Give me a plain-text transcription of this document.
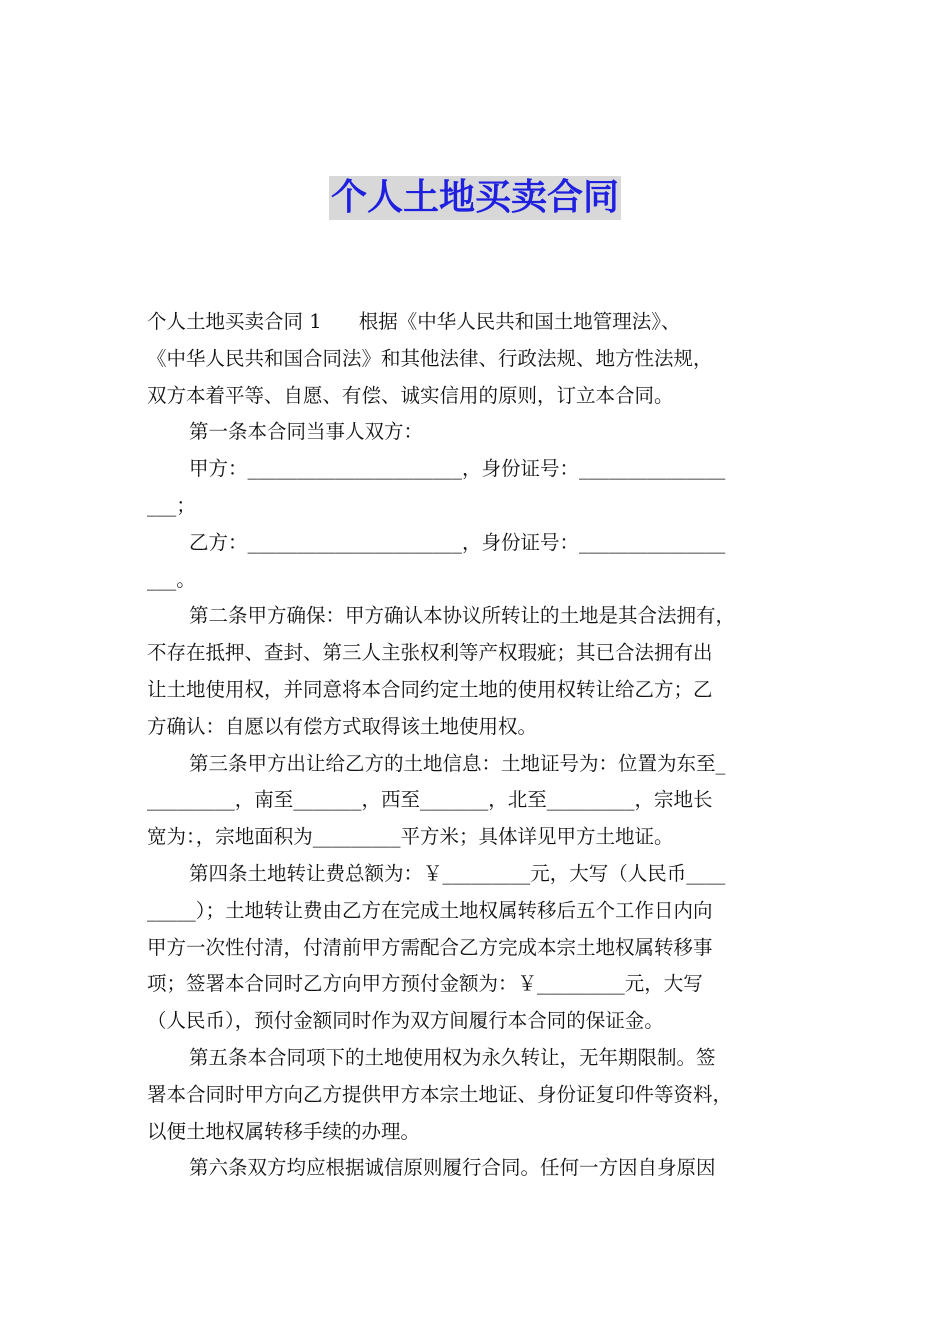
个人土地买卖合同
个人土地买卖合同 1      根据《中华人民共和国土地管理法》、
《中华人民共和国合同法》和其他法律、行政法规、地方性法规，
双方本着平等、自愿、有偿、诚实信用的原则，订立本合同。
第一条本合同当事人双方：
甲方：______________________，身份证号：_______________
___；
乙方：______________________，身份证号：_______________
___。
第二条甲方确保：甲方确认本协议所转让的土地是其合法拥有，
不存在抵押、查封、第三人主张权利等产权瑕疵；其已合法拥有出
让土地使用权，并同意将本合同约定土地的使用权转让给乙方；乙
方确认：自愿以有偿方式取得该土地使用权。
第三条甲方出让给乙方的土地信息：土地证号为：位置为东至_
_________，南至_______，西至_______，北至_________，宗地长
宽为：，宗地面积为_________平方米；具体详见甲方土地证。
第四条土地转让费总额为：￥_________元，大写（人民币____
_____）；土地转让费由乙方在完成土地权属转移后五个工作日内向
甲方一次性付清，付清前甲方需配合乙方完成本宗土地权属转移事
项；签署本合同时乙方向甲方预付金额为：￥_________元，大写
（人民币），预付金额同时作为双方间履行本合同的保证金。
第五条本合同项下的土地使用权为永久转让，无年期限制。签
署本合同时甲方向乙方提供甲方本宗土地证、身份证复印件等资料，
以便土地权属转移手续的办理。
第六条双方均应根据诚信原则履行合同。任何一方因自身原因
